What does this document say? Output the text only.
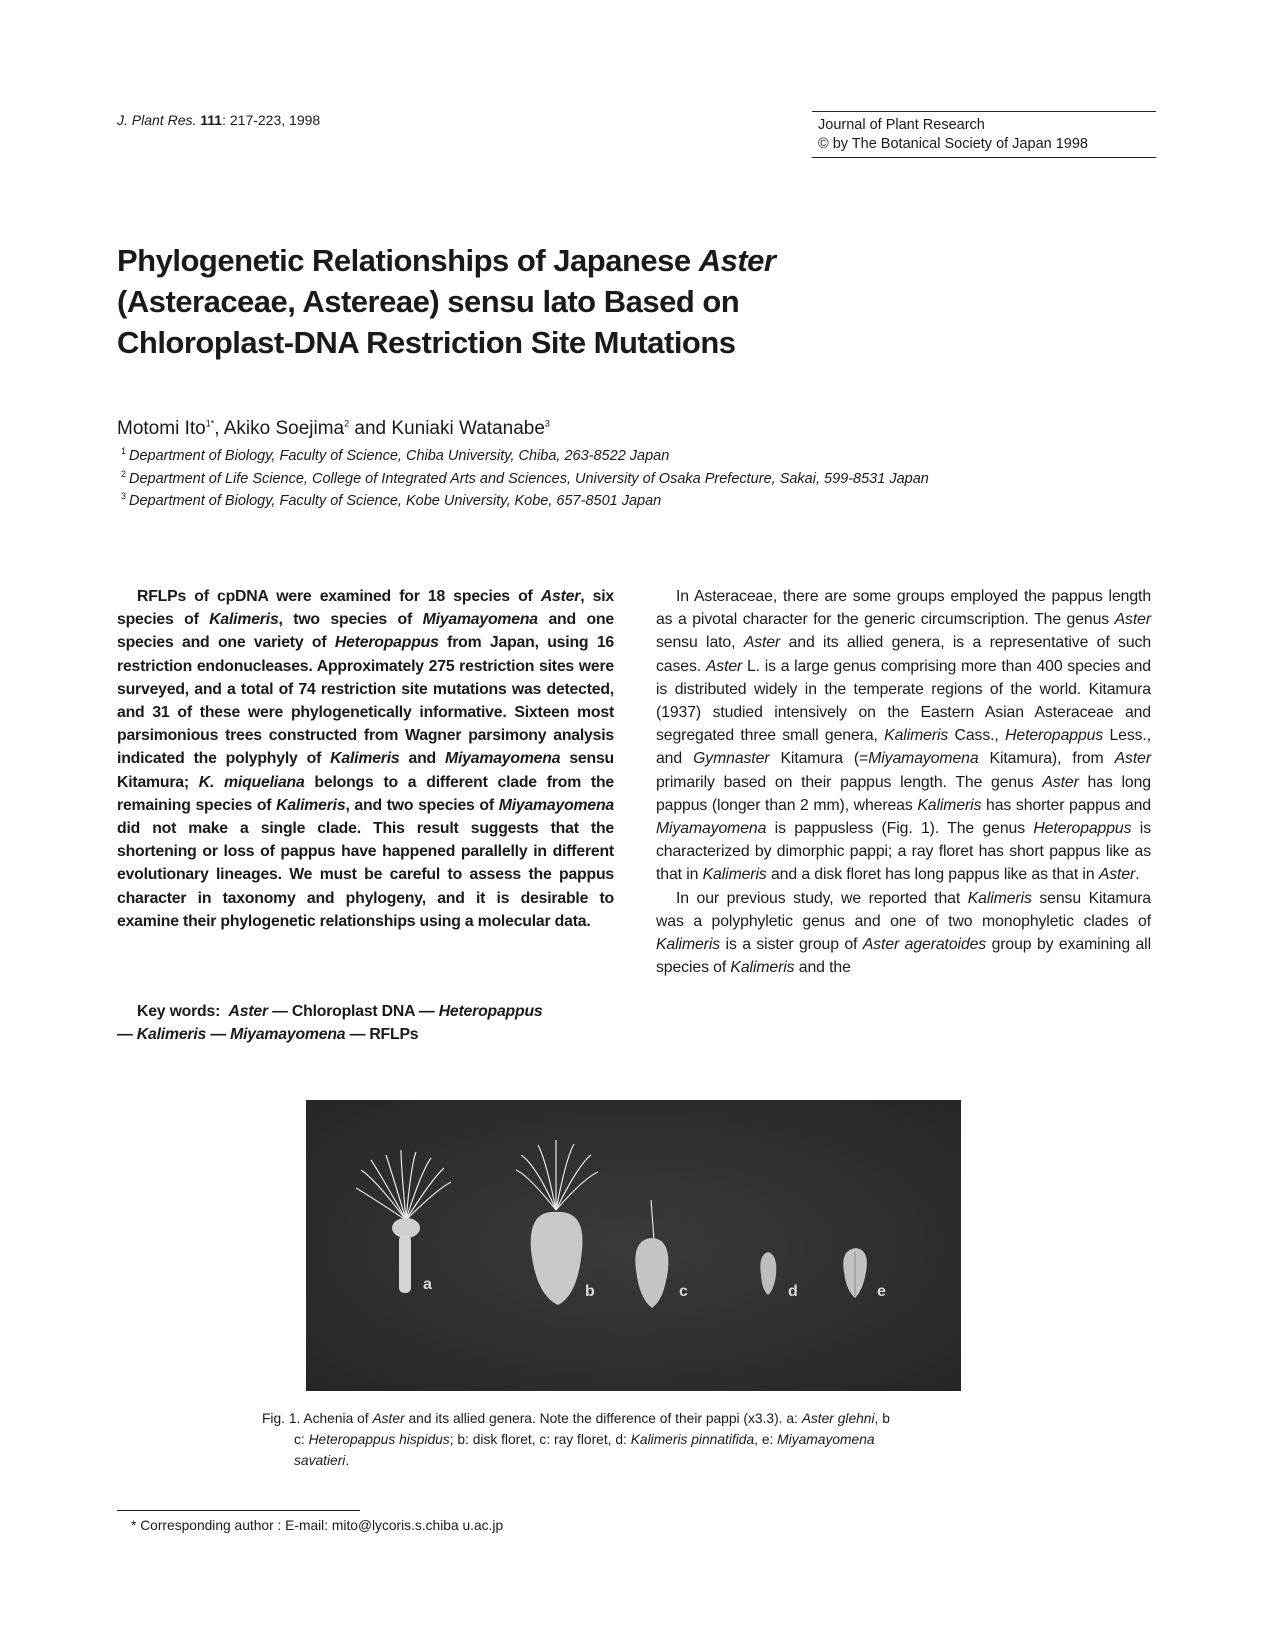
J. Plant Res. 111: 217-223, 1998	Journal of Plant Research
© by The Botanical Society of Japan 1998
Phylogenetic Relationships of Japanese Aster
(Asteraceae, Astereae) sensu lato Based on
Chloroplast-DNA Restriction Site Mutations
Motomi Ito$^{1*}$, Akiko Soejima$^2$ and Kuniaki Watanabe$^3$
$^1$ Department of Biology, Faculty of Science, Chiba University, Chiba, 263-8522 Japan
$^2$ Department of Life Science, College of Integrated Arts and Sciences, University of Osaka Prefecture, Sakai, 599-8531 Japan
$^3$ Department of Biology, Faculty of Science, Kobe University, Kobe, 657-8501 Japan

RFLPs of cpDNA were examined for 18 species of Aster, six species of Kalimeris, two species of Miyamayomena and one species and one variety of Heteropappus from Japan, using 16 restriction endonucleases. Approximately 275 restriction sites were surveyed, and a total of 74 restriction site mutations was detected, and 31 of these were phylogenetically informative. Sixteen most parsimonious trees constructed from Wagner parsimony analysis indicated the polyphyly of Kalimeris and Miyamayomena sensu Kitamura; K. miqueliana belongs to a different clade from the remaining species of Kalimeris, and two species of Miyamayomena did not make a single clade. This result suggests that the shortening or loss of pappus have happened parallelly in different evolutionary lineages. We must be careful to assess the pappus character in taxonomy and phylogeny, and it is desirable to examine their phylogenetic relationships using a molecular data.

Key words: Aster — Chloroplast DNA — Heteropappus
— Kalimeris — Miyamayomena — RFLPs

In Asteraceae, there are some groups employed the pappus length as a pivotal character for the generic circumscription. The genus Aster sensu lato, Aster and its allied genera, is a representative of such cases. Aster L. is a large genus comprising more than 400 species and is distributed widely in the temperate regions of the world. Kitamura (1937) studied intensively on the Eastern Asian Asteraceae and segregated three small genera, Kalimeris Cass., Heteropappus Less., and Gymnaster Kitamura (=Miyamayomena Kitamura), from Aster primarily based on their pappus length. The genus Aster has long pappus (longer than 2 mm), whereas Kalimeris has shorter pappus and Miyamayomena is pappusless (Fig. 1). The genus Heteropappus is characterized by dimorphic pappi; a ray floret has short pappus like as that in Kalimeris and a disk floret has long pappus like as that in Aster.

In our previous study, we reported that Kalimeris sensu Kitamura was a polyphyletic genus and one of two monophyletic clades of Kalimeris is a sister group of Aster ageratoides group by examining all species of Kalimeris and the

a	b	c	d	e
Fig. 1. Achenia of Aster and its allied genera. Note the difference of their pappi (x3.3). a: Aster glehni, b
c: Heteropappus hispidus; b: disk floret, c: ray floret, d: Kalimeris pinnatifida, e: Miyamayomena
savatieri.
* Corresponding author : E-mail: mito@lycoris.s.chiba u.ac.jp
